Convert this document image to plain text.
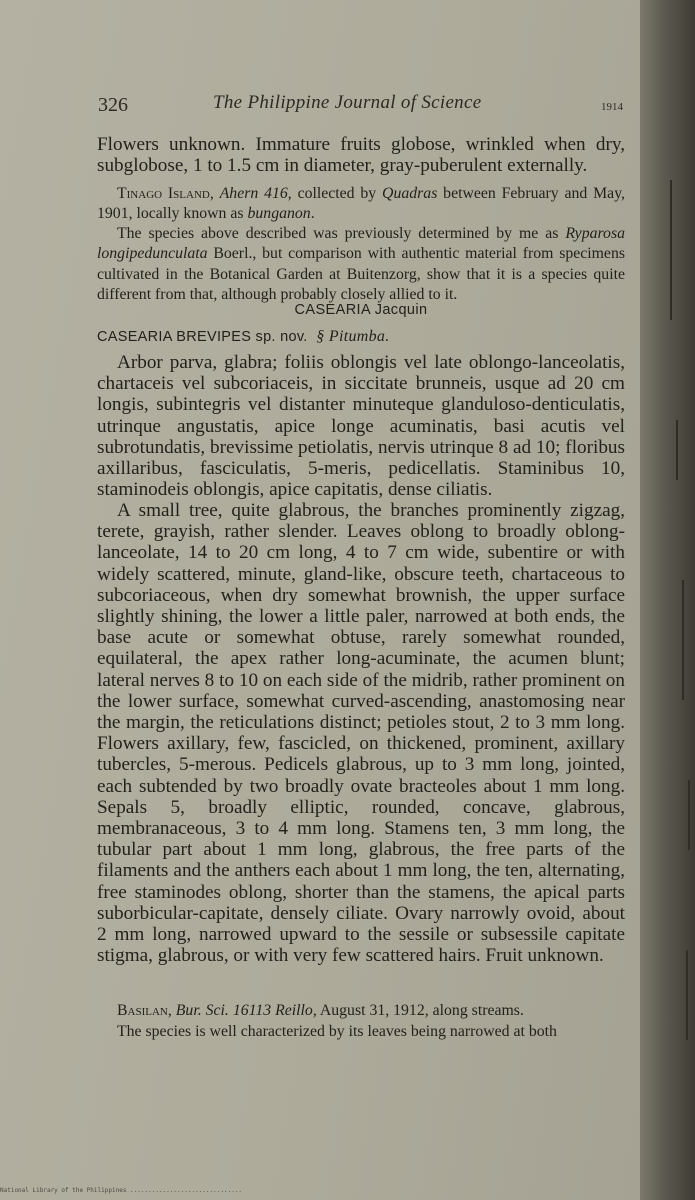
326	The Philippine Journal of Science	1914
Flowers unknown. Immature fruits globose, wrinkled when dry, subglobose, 1 to 1.5 cm in diameter, gray-puberulent externally.
Tinago Island, Ahern 416, collected by Quadras between February and May, 1901, locally known as bunganon.
The species above described was previously determined by me as Ryparosa longipedunculata Boerl., but comparison with authentic material from specimens cultivated in the Botanical Garden at Buitenzorg, show that it is a species quite different from that, although probably closely allied to it.
CASEARIA Jacquin
CASEARIA BREVIPES sp. nov. § Pitumba.
Arbor parva, glabra; foliis oblongis vel late oblongo-lanceolatis, chartaceis vel subcoriaceis, in siccitate brunneis, usque ad 20 cm longis, subintegris vel distanter minuteque glanduloso-denticulatis, utrinque angustatis, apice longe acuminatis, basi acutis vel subrotundatis, brevissime petiolatis, nervis utrinque 8 ad 10; floribus axillaribus, fasciculatis, 5-meris, pedicellatis. Staminibus 10, staminodeis oblongis, apice capitatis, dense ciliatis.
A small tree, quite glabrous, the branches prominently zigzag, terete, grayish, rather slender. Leaves oblong to broadly oblong-lanceolate, 14 to 20 cm long, 4 to 7 cm wide, subentire or with widely scattered, minute, gland-like, obscure teeth, chartaceous to subcoriaceous, when dry somewhat brownish, the upper surface slightly shining, the lower a little paler, narrowed at both ends, the base acute or somewhat obtuse, rarely somewhat rounded, equilateral, the apex rather long-acuminate, the acumen blunt; lateral nerves 8 to 10 on each side of the midrib, rather prominent on the lower surface, somewhat curved-ascending, anastomosing near the margin, the reticulations distinct; petioles stout, 2 to 3 mm long. Flowers axillary, few, fascicled, on thickened, prominent, axillary tubercles, 5-merous. Pedicels glabrous, up to 3 mm long, jointed, each subtended by two broadly ovate bracteoles about 1 mm long. Sepals 5, broadly elliptic, rounded, concave, glabrous, membranaceous, 3 to 4 mm long. Stamens ten, 3 mm long, the tubular part about 1 mm long, glabrous, the free parts of the filaments and the anthers each about 1 mm long, the ten, alternating, free staminodes oblong, shorter than the stamens, the apical parts suborbicular-capitate, densely ciliate. Ovary narrowly ovoid, about 2 mm long, narrowed upward to the sessile or subsessile capitate stigma, glabrous, or with very few scattered hairs. Fruit unknown.
Basilan, Bur. Sci. 16113 Reillo, August 31, 1912, along streams.
The species is well characterized by its leaves being narrowed at both
National Library of the Philippines ...............................
